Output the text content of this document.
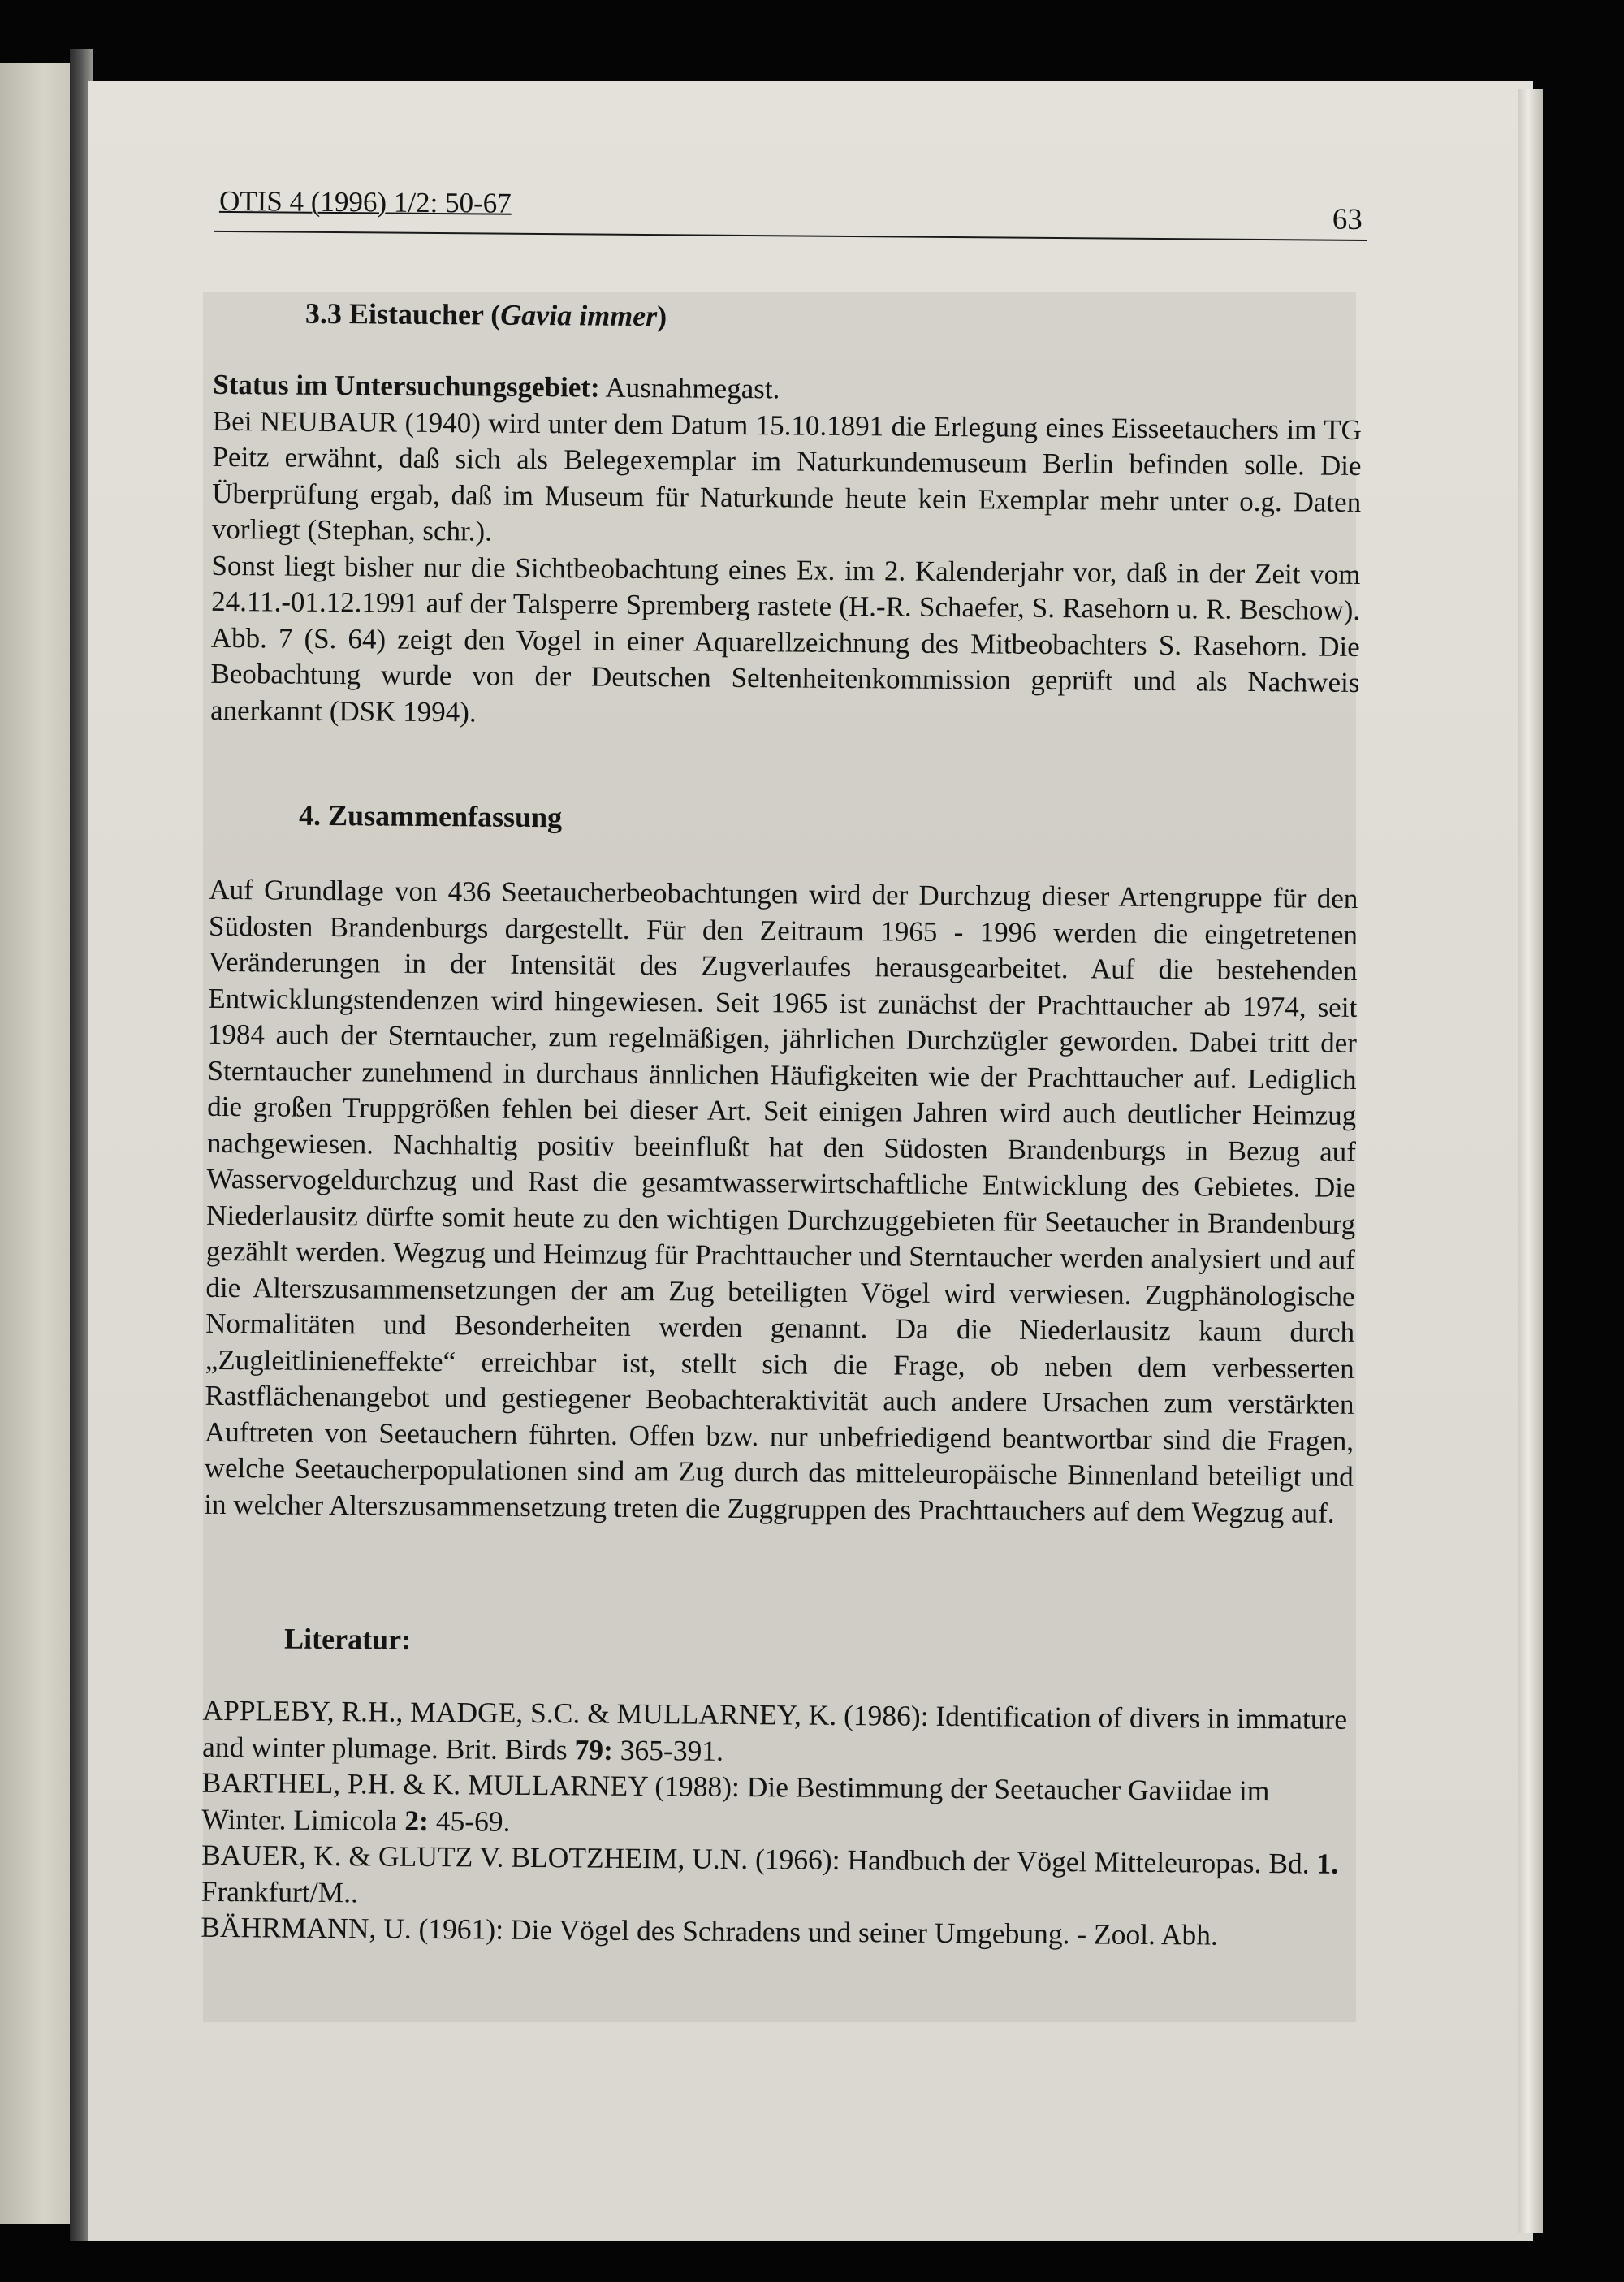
OTIS 4 (1996) 1/2: 50-67
63
3.3 Eistaucher (Gavia immer)

Status im Untersuchungsgebiet: Ausnahmegast.

Bei NEUBAUR (1940) wird unter dem Datum 15.10.1891 die Erlegung eines Eisseetauchers im TG Peitz erwähnt, daß sich als Belegexemplar im Naturkundemuseum Berlin befinden solle. Die Überprüfung ergab, daß im Museum für Naturkunde heute kein Exemplar mehr unter o.g. Daten vorliegt (Stephan, schr.).

Sonst liegt bisher nur die Sichtbeobachtung eines Ex. im 2. Kalenderjahr vor, daß in der Zeit vom 24.11.-01.12.1991 auf der Talsperre Spremberg rastete (H.-R. Schaefer, S. Rasehorn u. R. Beschow). Abb. 7 (S. 64) zeigt den Vogel in einer Aquarellzeichnung des Mitbeobachters S. Rasehorn. Die Beobachtung wurde von der Deutschen Seltenheitenkommission geprüft und als Nachweis anerkannt (DSK 1994).

4. Zusammenfassung

Auf Grundlage von 436 Seetaucherbeobachtungen wird der Durchzug dieser Artengruppe für den Südosten Brandenburgs dargestellt. Für den Zeitraum 1965 - 1996 werden die eingetretenen Veränderungen in der Intensität des Zugverlaufes herausgearbeitet. Auf die bestehenden Entwicklungstendenzen wird hingewiesen. Seit 1965 ist zunächst der Prachttaucher ab 1974, seit 1984 auch der Sterntaucher, zum regelmäßigen, jährlichen Durchzügler geworden. Dabei tritt der Sterntaucher zunehmend in durchaus ännlichen Häufigkeiten wie der Prachttaucher auf. Lediglich die großen Truppgrößen fehlen bei dieser Art. Seit einigen Jahren wird auch deutlicher Heimzug nachgewiesen. Nachhaltig positiv beeinflußt hat den Südosten Brandenburgs in Bezug auf Wasservogeldurchzug und Rast die gesamtwasserwirtschaftliche Entwicklung des Gebietes. Die Niederlausitz dürfte somit heute zu den wichtigen Durchzuggebieten für Seetaucher in Brandenburg gezählt werden. Wegzug und Heimzug für Prachttaucher und Sterntaucher werden analysiert und auf die Alterszusammensetzungen der am Zug beteiligten Vögel wird verwiesen. Zugphänologische Normalitäten und Besonderheiten werden genannt. Da die Niederlausitz kaum durch „Zugleitlinieneffekte“ erreichbar ist, stellt sich die Frage, ob neben dem verbesserten Rastflächenangebot und gestiegener Beobachteraktivität auch andere Ursachen zum verstärkten Auftreten von Seetauchern führten. Offen bzw. nur unbefriedigend beantwortbar sind die Fragen, welche Seetaucherpopulationen sind am Zug durch das mitteleuropäische Binnenland beteiligt und in welcher Alterszusammensetzung treten die Zuggruppen des Prachttauchers auf dem Wegzug auf.

Literatur:

APPLEBY, R.H., MADGE, S.C. & MULLARNEY, K. (1986): Identification of divers in immature and winter plumage. Brit. Birds 79: 365-391.

BARTHEL, P.H. & K. MULLARNEY (1988): Die Bestimmung der Seetaucher Gaviidae im Winter. Limicola 2: 45-69.

BAUER, K. & GLUTZ V. BLOTZHEIM, U.N. (1966): Handbuch der Vögel Mitteleuropas. Bd. 1. Frankfurt/M..

BÄHRMANN, U. (1961): Die Vögel des Schradens und seiner Umgebung. - Zool. Abh.
